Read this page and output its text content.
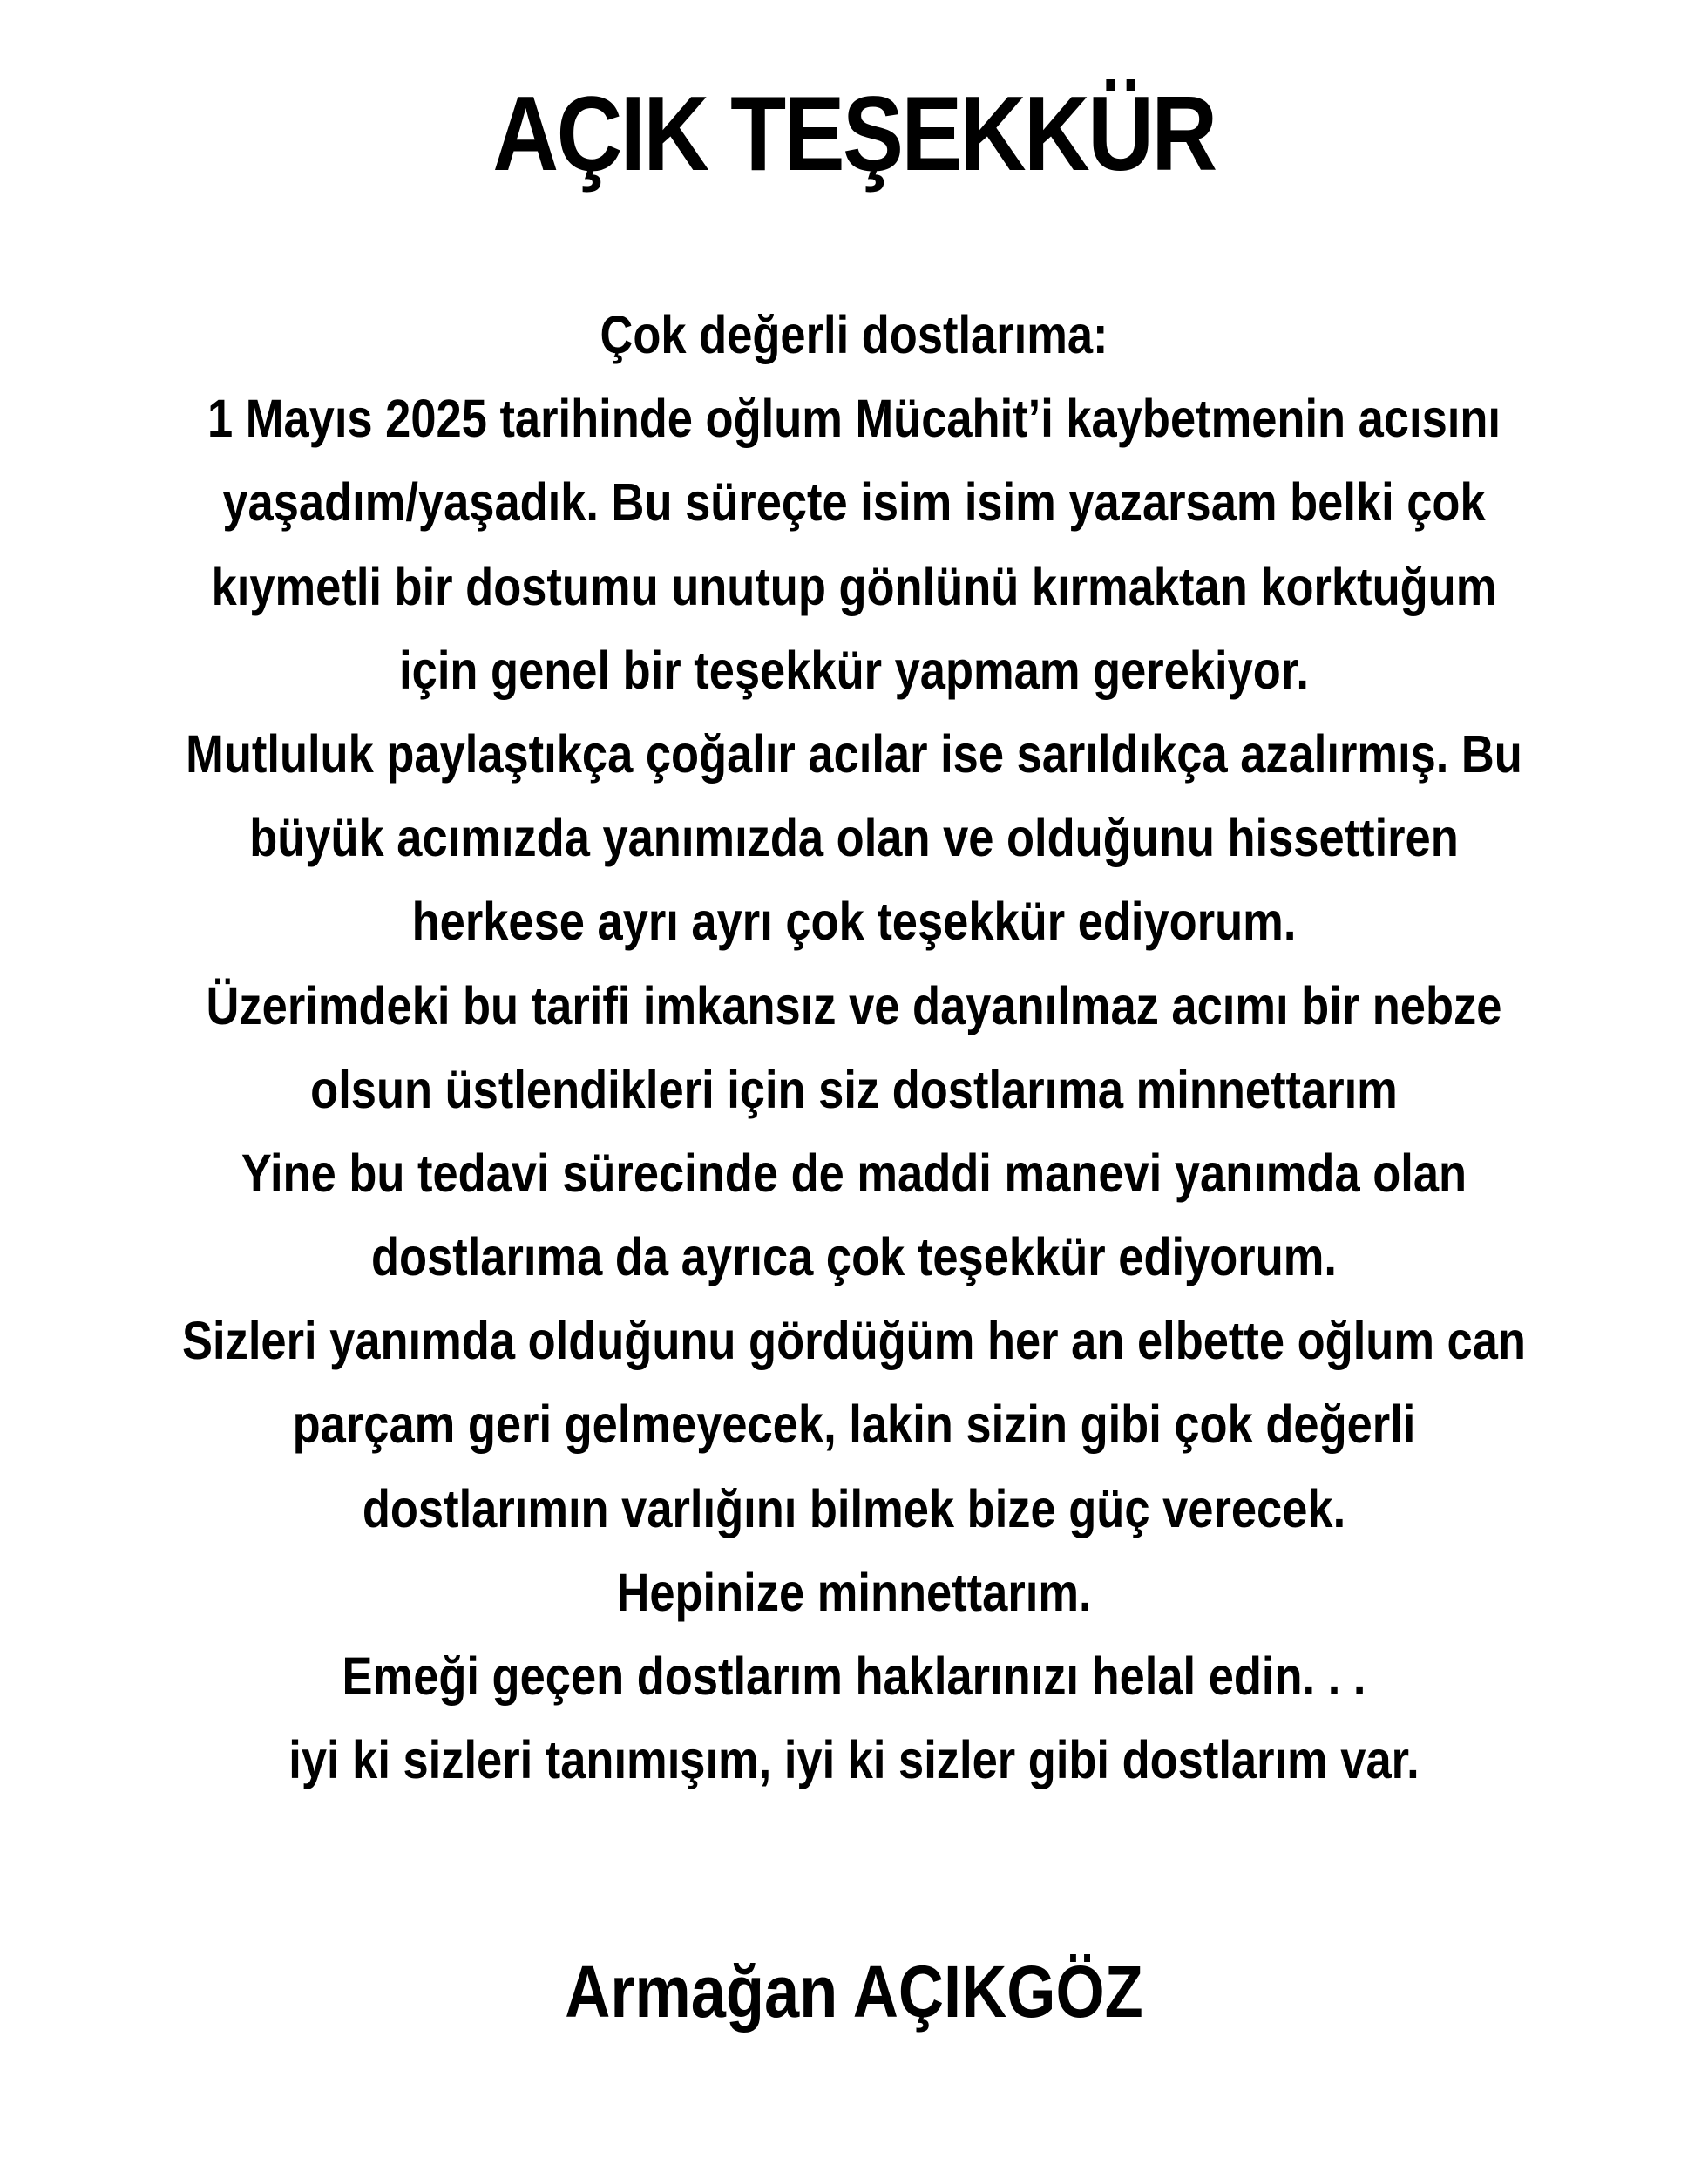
AÇIK TEŞEKKÜR
Çok değerli dostlarıma:
1 Mayıs 2025 tarihinde oğlum Mücahit’i kaybetmenin acısını
yaşadım/yaşadık. Bu süreçte isim isim yazarsam belki çok
kıymetli bir dostumu unutup gönlünü kırmaktan korktuğum
için genel bir teşekkür yapmam gerekiyor.
Mutluluk paylaştıkça çoğalır acılar ise sarıldıkça azalırmış. Bu
büyük acımızda yanımızda olan ve olduğunu hissettiren
herkese ayrı ayrı çok teşekkür ediyorum.
Üzerimdeki bu tarifi imkansız ve dayanılmaz acımı bir nebze
olsun üstlendikleri için siz dostlarıma minnettarım
Yine bu tedavi sürecinde de maddi manevi yanımda olan
dostlarıma da ayrıca çok teşekkür ediyorum.
Sizleri yanımda olduğunu gördüğüm her an elbette oğlum can
parçam geri gelmeyecek, lakin sizin gibi çok değerli
dostlarımın varlığını bilmek bize güç verecek.
Hepinize minnettarım.
Emeği geçen dostlarım haklarınızı helal edin. . .
iyi ki sizleri tanımışım, iyi ki sizler gibi dostlarım var.
Armağan AÇIKGÖZ
